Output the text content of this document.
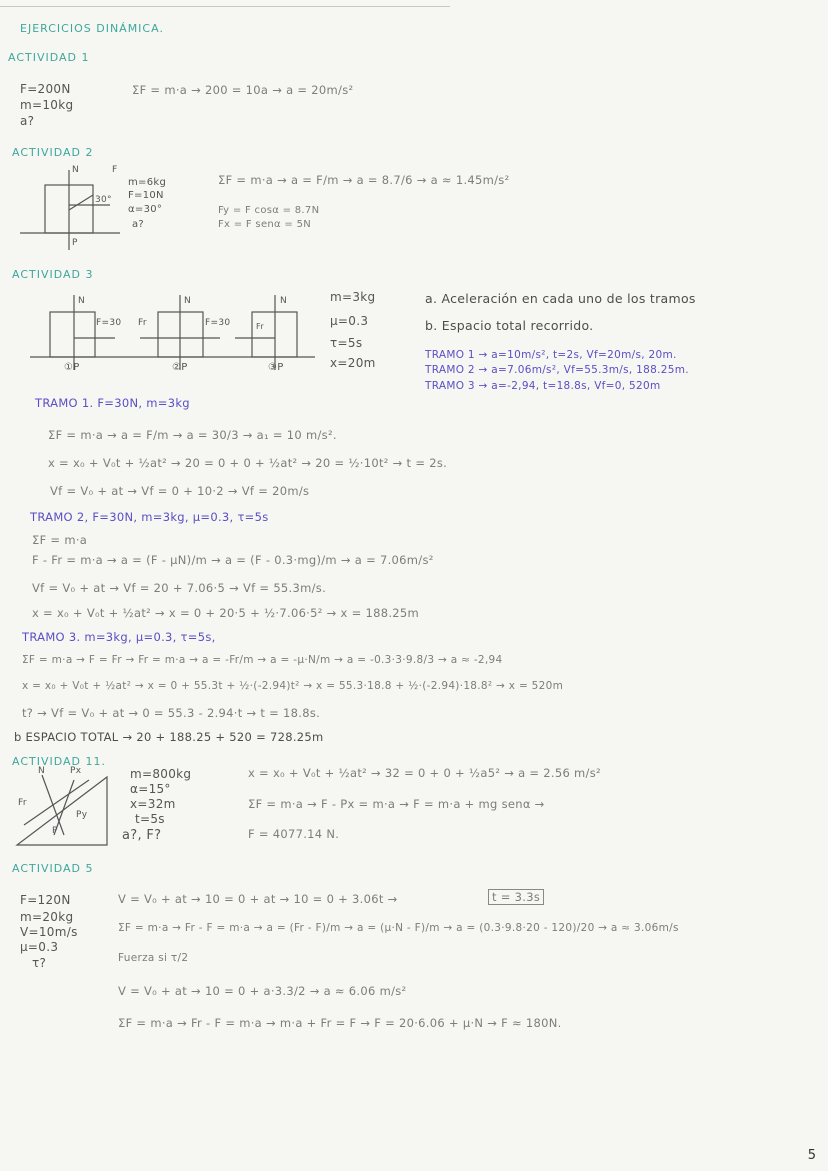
EJERCICIOS DINÁMICA.
ACTIVIDAD 1
F=200N
m=10kg
a?
ΣF = m·a → 200 = 10a → a = 20m/s²
ACTIVIDAD 2
N	F
30°
P
m=6kg
F=10N
α=30°
a?
ΣF = m·a → a = F/m → a = 8.7/6 → a ≈ 1.45m/s²
Fy = F cosα = 8.7N
Fx = F senα = 5N
ACTIVIDAD 3
N
F=30 Fr
N
F=30	Fr
N
①P	②P	③P
m=3kg
μ=0.3
τ=5s
x=20m
a. Aceleración en cada uno de los tramos
b. Espacio total recorrido.
TRAMO 1 → a=10m/s², t=2s, Vf=20m/s, 20m.
TRAMO 2 → a=7.06m/s², Vf=55.3m/s, 188.25m.
TRAMO 3 → a=-2,94, t=18.8s, Vf=0, 520m
TRAMO 1. F=30N, m=3kg
ΣF = m·a → a = F/m → a = 30/3 → a₁ = 10 m/s².
x = x₀ + V₀t + ½at² → 20 = 0 + 0 + ½at² → 20 = ½·10t² → t = 2s.
Vf = V₀ + at → Vf = 0 + 10·2 → Vf = 20m/s
TRAMO 2, F=30N, m=3kg, μ=0.3, τ=5s
ΣF = m·a
F - Fr = m·a → a = (F - μN)/m → a = (F - 0.3·mg)/m → a = 7.06m/s²
Vf = V₀ + at → Vf = 20 + 7.06·5 → Vf = 55.3m/s.
x = x₀ + V₀t + ½at² → x = 0 + 20·5 + ½·7.06·5² → x = 188.25m
TRAMO 3. m=3kg, μ=0.3, τ=5s,
ΣF = m·a → F = Fr → Fr = m·a → a = -Fr/m → a = -μ·N/m → a = -0.3·3·9.8/3 → a ≈ -2,94
x = x₀ + V₀t + ½at² → x = 0 + 55.3t + ½·(-2.94)t² → x = 55.3·18.8 + ½·(-2.94)·18.8² → x = 520m
t? → Vf = V₀ + at → 0 = 55.3 - 2.94·t → t = 18.8s.
b ESPACIO TOTAL → 20 + 188.25 + 520 = 728.25m
ACTIVIDAD 11.
N	Px
Fr
Py
P
m=800kg
α=15°
x=32m
t=5s
a?, F?
x = x₀ + V₀t + ½at² → 32 = 0 + 0 + ½a5² → a = 2.56 m/s²
ΣF = m·a → F - Px = m·a → F = m·a + mg senα →
F = 4077.14 N.
ACTIVIDAD 5
F=120N
m=20kg
V=10m/s
μ=0.3
τ?
V = V₀ + at → 10 = 0 + at → 10 = 0 + 3.06t →	t = 3.3s
ΣF = m·a → Fr - F = m·a → a = (Fr - F)/m → a = (μ·N - F)/m → a = (0.3·9.8·20 - 120)/20 → a ≈ 3.06m/s
Fuerza si τ/2
V = V₀ + at → 10 = 0 + a·3.3/2 → a ≈ 6.06 m/s²
ΣF = m·a → Fr - F = m·a → m·a + Fr = F → F = 20·6.06 + μ·N → F ≈ 180N.
5
